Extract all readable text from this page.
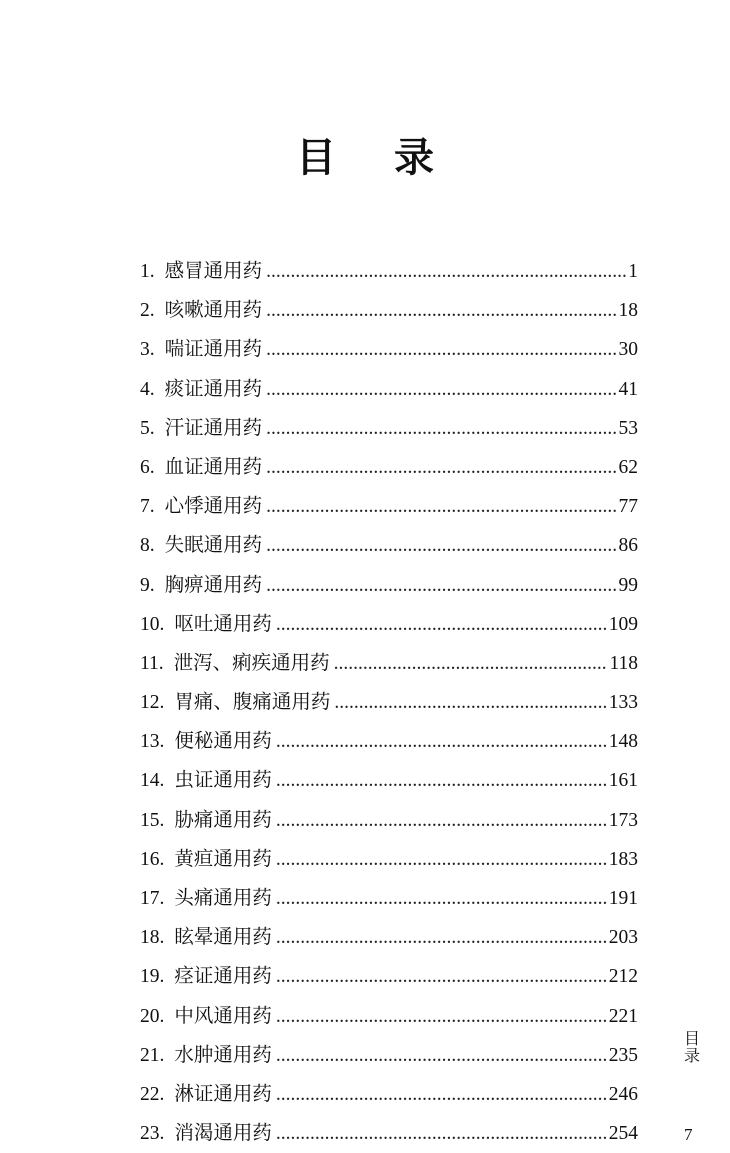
目 录
1. 感冒通用药 .....	1
2. 咳嗽通用药 .....	18
3. 喘证通用药 .....	30
4. 痰证通用药 .....	41
5. 汗证通用药 .....	53
6. 血证通用药 .....	62
7. 心悸通用药 .....	77
8. 失眠通用药 .....	86
9. 胸痹通用药 .....	99
10. 呕吐通用药 .....	109
11. 泄泻、痢疾通用药 .....	118
12. 胃痛、腹痛通用药 .....	133
13. 便秘通用药 .....	148
14. 虫证通用药 .....	161
15. 胁痛通用药 .....	173
16. 黄疸通用药 .....	183
17. 头痛通用药 .....	191
18. 眩晕通用药 .....	203
19. 痉证通用药 .....	212
20. 中风通用药 .....	221
21. 水肿通用药 .....	235
22. 淋证通用药 .....	246
23. 消渴通用药 .....	254
目
录
7
